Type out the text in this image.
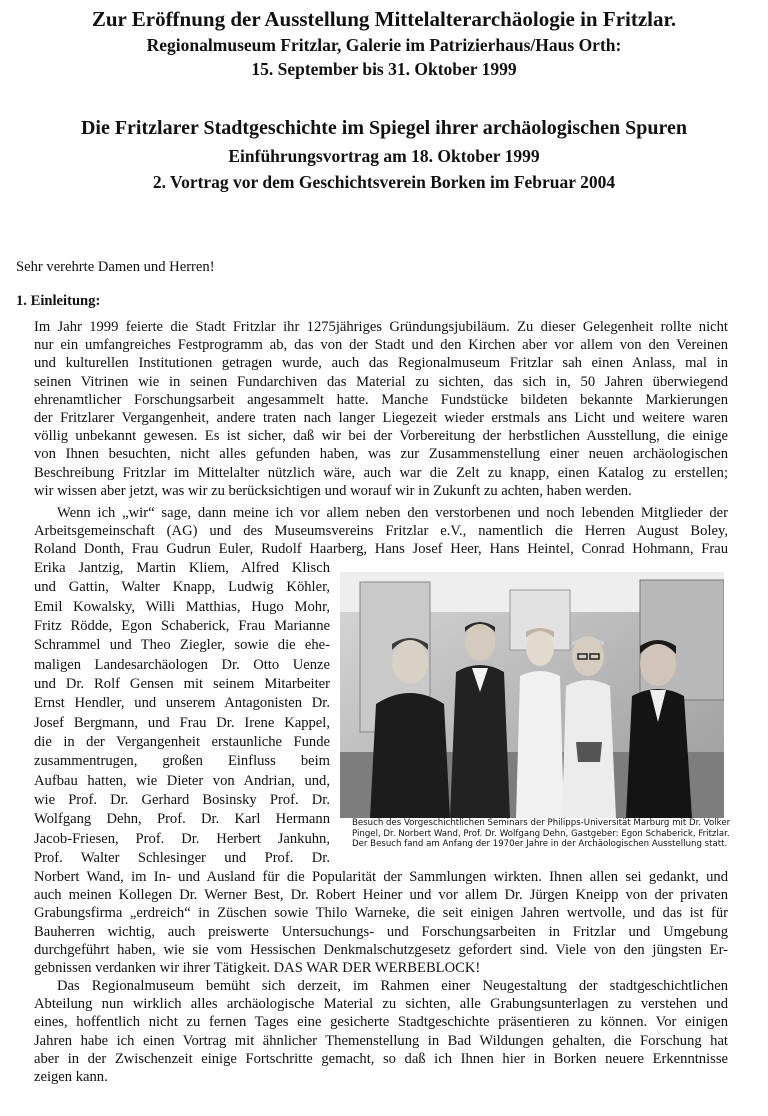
Zur Eröffnung der Ausstellung Mittelalterarchäologie in Fritzlar.
Regionalmuseum Fritzlar, Galerie im Patrizierhaus/Haus Orth:
15. September bis 31. Oktober 1999
Die Fritzlarer Stadtgeschichte im Spiegel ihrer archäologischen Spuren
Einführungsvortrag am 18. Oktober 1999
2. Vortrag vor dem Geschichtsverein Borken im Februar 2004
Sehr verehrte Damen und Herren!
1. Einleitung:
Im Jahr 1999 feierte die Stadt Fritzlar ihr 1275jähriges Gründungsjubiläum. Zu dieser Gelegenheit rollte nicht
nur ein umfangreiches Festprogramm ab, das von der Stadt und den Kirchen aber vor allem von den Vereinen
und kulturellen Institutionen getragen wurde, auch das Regionalmuseum Fritzlar sah einen Anlass, mal in
seinen Vitrinen wie in seinen Fundarchiven das Material zu sichten, das sich in, 50 Jahren überwiegend
ehrenamtlicher Forschungsarbeit angesammelt hatte. Manche Fundstücke bildeten bekannte Markierungen
der Fritzlarer Vergangenheit, andere traten nach langer Liegezeit wieder erstmals ans Licht und weitere waren
völlig unbekannt gewesen. Es ist sicher, daß wir bei der Vorbereitung der herbstlichen Ausstellung, die einige
von Ihnen besuchten, nicht alles gefunden haben, was zur Zusammenstellung einer neuen archäologischen
Beschreibung Fritzlar im Mittelalter nützlich wäre, auch war die Zelt zu knapp, einen Katalog zu erstellen;
wir wissen aber jetzt, was wir zu berücksichtigen und worauf wir in Zukunft zu achten, haben werden.
Wenn ich „wir“ sage, dann meine ich vor allem neben den verstorbenen und noch lebenden Mitglieder der
Arbeitsgemeinschaft (AG) und des Museumsvereins Fritzlar e.V., namentlich die Herren August Boley,
Roland Donth, Frau Gudrun Euler, Rudolf Haarberg, Hans Josef Heer, Hans Heintel, Conrad Hohmann, Frau
Erika Jantzig, Martin Kliem, Alfred Klisch
und Gattin, Walter Knapp, Ludwig Köhler,
Emil Kowalsky, Willi Matthias, Hugo Mohr,
Fritz Rödde, Egon Schaberick, Frau Marianne
Schrammel und Theo Ziegler, sowie die ehe-
maligen Landesarchäologen Dr. Otto Uenze
und Dr. Rolf Gensen mit seinem Mitarbeiter
Ernst Hendler, und unserem Antagonisten Dr.
Josef Bergmann, und Frau Dr. Irene Kappel,
die in der Vergangenheit erstaunliche Funde
zusammentrugen, großen Einfluss beim
Aufbau hatten, wie Dieter von Andrian, und,
wie Prof. Dr. Gerhard Bosinsky Prof. Dr.
Wolfgang Dehn, Prof. Dr. Karl Hermann
Jacob-Friesen, Prof. Dr. Herbert Jankuhn,
Prof. Walter Schlesinger und Prof. Dr.
Besuch des Vorgeschichtlichen Seminars der Philipps-Universität Marburg mit Dr. Volker
Pingel, Dr. Norbert Wand, Prof. Dr. Wolfgang Dehn, Gastgeber: Egon Schaberick, Fritzlar.
Der Besuch fand am Anfang der 1970er Jahre in der Archäologischen Ausstellung statt.
Norbert Wand, im In- und Ausland für die Popularität der Sammlungen wirkten. Ihnen allen sei gedankt, und
auch meinen Kollegen Dr. Werner Best, Dr. Robert Heiner und vor allem Dr. Jürgen Kneipp von der privaten
Grabungsfirma „erdreich“ in Züschen sowie Thilo Warneke, die seit einigen Jahren wertvolle, und das ist für
Bauherren wichtig, auch preiswerte Untersuchungs- und Forschungsarbeiten in Fritzlar und Umgebung
durchgeführt haben, wie sie vom Hessischen Denkmalschutzgesetz gefordert sind. Viele von den jüngsten Er-
gebnissen verdanken wir ihrer Tätigkeit. DAS WAR DER WERBEBLOCK!
Das Regionalmuseum bemüht sich derzeit, im Rahmen einer Neugestaltung der stadtgeschichtlichen
Abteilung nun wirklich alles archäologische Material zu sichten, alle Grabungsunterlagen zu verstehen und
eines, hoffentlich nicht zu fernen Tages eine gesicherte Stadtgeschichte präsentieren zu können. Vor einigen
Jahren habe ich einen Vortrag mit ähnlicher Themenstellung in Bad Wildungen gehalten, die Forschung hat
aber in der Zwischenzeit einige Fortschritte gemacht, so daß ich Ihnen hier in Borken neuere Erkenntnisse
zeigen kann.
